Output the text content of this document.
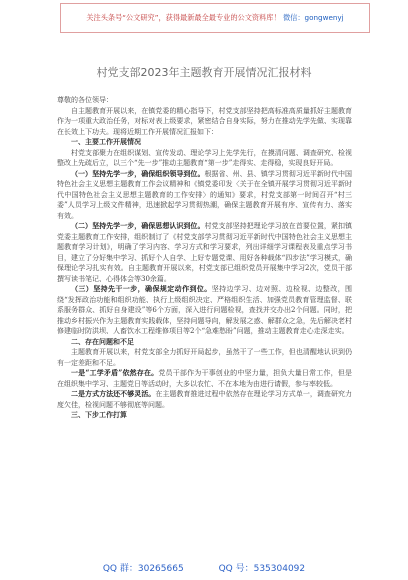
关注头条号“公文研究”，获得最新最全最专业的公文资料库！ 微信：gongwenyj
村党支部2023年主题教育开展情况汇报材料

尊敬的各位领导：

自主题教育开展以来，在镇党委的精心指导下，村党支部坚持把高标准高质量抓好主题教育作为一项重大政治任务，对标对表上级要求，紧密结合自身实际，努力在推动先学先做、实现靠在长效上下功夫。现将近期工作开展情况汇报如下：

一、主要工作开展情况

村党支部聚力在组织谋划、宣传发动、理论学习上先学先行，在摸清问题、调查研究、检视整改上先疏后立，以三个“先一步”推动主题教育“第一步”走得实、走得稳，实现良好开局。

（一）坚持先学一步，确保组织领导到位。根据省、州、县、镇学习贯彻习近平新时代中国特色社会主义思想主题教育工作会议精神和《镇党委印发〈关于在全镇开展学习贯彻习近平新时代中国特色社会主义思想主题教育的工作安排〉的通知》要求，村党支部第一时间召开“村三委”人员学习上级文件精神，迅速掀起学习贯彻热潮，确保主题教育开展有序、宣传有力、落实有效。

（二）坚持先学一步，确保思想认识到位。村党支部坚持把理论学习放在首要位置，紧扣镇党委主题教育工作安排，组织制订了《村党支部学习贯彻习近平新时代中国特色社会主义思想主题教育学习计划》，明确了学习内容、学习方式和学习要求，列出详细学习课程表及重点学习书目，建立了分好集中学习、抓好个人自学、上好专题党课、用好各种载体“四步法”学习模式，确保理论学习扎实有效。自主题教育开展以来，村党支部已组织党员开展集中学习2次，党员干部撰写读书笔记、心得体会等30余篇。

（三）坚持先干一步，确保规定动作到位。坚持边学习、边对照、边检视、边整改，围绕“发挥政治功能和组织功能、执行上级组织决定、严格组织生活、加强党员教育管理监督、联系服务群众、抓好自身建设”等6个方面，深入进行问题检视，查找并交办出2个问题。同时，把推动乡村振兴作为主题教育实践载体，坚持问题导向，解发展之惑、解群众之急，先后解决老村修建临时防洪坝、人畜饮水工程维修项目等2个“急难愁盼”问题，推动主题教育走心走深走实。

二、存在问题和不足

主题教育开展以来，村党支部全力抓好开局起步，虽然干了一些工作，但也清醒地认识到仍有一定差距和不足。

一是“工学矛盾”依然存在。党员干部作为干事创业的中坚力量，担负大量日常工作，但是在组织集中学习、主题党日等活动时，大多以农忙、不在本地为由进行请假，参与率较低。

二是方式方法还不够灵活。在主题教育推进过程中依然存在理论学习方式单一，调查研究力度欠佳，检视问题不够彻底等问题。

三、下步工作打算

QQ 群：30265665	QQ 号：535304092
